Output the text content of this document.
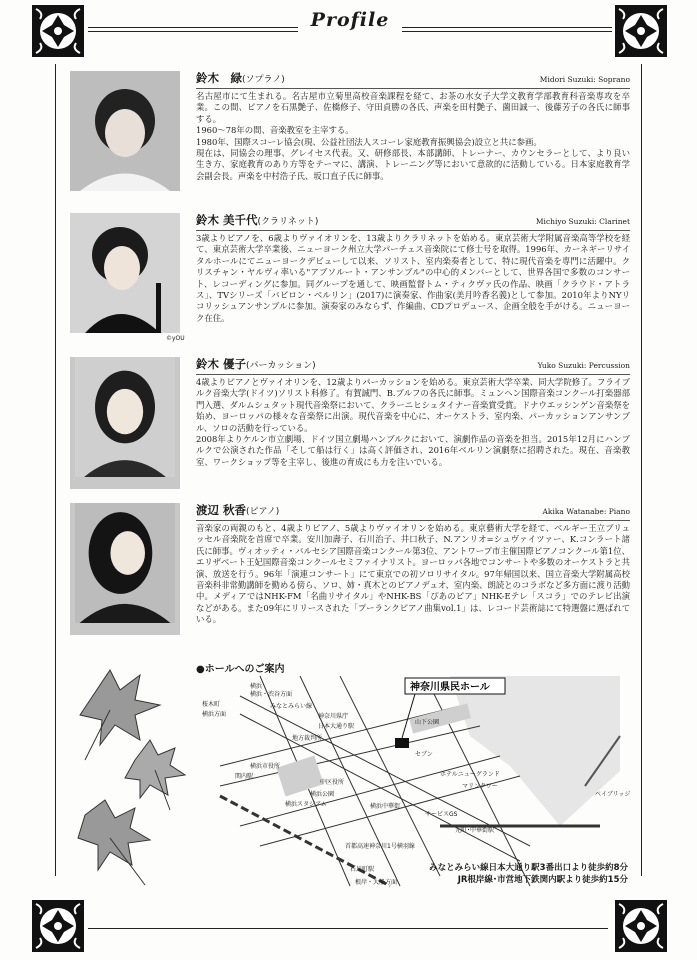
Profile
鈴木　緑(ソプラノ)	Midori Suzuki: Soprano

名古屋市にて生まれる。名古屋市立菊里高校音楽課程を経て、お茶の水女子大学文教育学部教育科音楽専攻を卒業。この間、ピアノを石黒艶子、佐橋修子、守田貞勝の各氏、声楽を田村艶子、薗田誠一、後藤芳子の各氏に師事する。

1960〜78年の間、音楽教室を主宰する。

1980年、国際スコーレ協会(現、公益社団法人スコーレ家庭教育振興協会)設立と共に参画。

現在は、同協会の理事、グレイセス代表。又、研修部長、本部講師、トレーナー、カウンセラーとして、より良い生き方、家庭教育のあり方等をテーマに、講演、トレーニング等において意欲的に活動している。日本家庭教育学会副会長。声楽を中村浩子氏、坂口直子氏に師事。

©yOU
鈴木 美千代(クラリネット)	Michiyo Suzuki: Clarinet

3歳よりピアノを、6歳よりヴァイオリンを、13歳よりクラリネットを始める。東京芸術大学附属音楽高等学校を経て、東京芸術大学卒業後、ニューヨーク州立大学パーチェス音楽院にて修士号を取得。1996年、カーネギーリサイタルホールにてニューヨークデビューして以来、ソリスト、室内楽奏者として、特に現代音楽を専門に活躍中。クリスチャン・ヤルヴィ率いる"アブソルート・アンサンブル"の中心的メンバーとして、世界各国で多数のコンサート、レコーディングに参加。同グループを通して、映画監督トム・ティクヴァ氏の作品、映画「クラウド・アトラス」、TVシリーズ「バビロン・ベルリン」(2017)に演奏家、作曲家(美月吟香名義)として参加。2010年よりNYリコリッシュアンサンブルに参加。演奏家のみならず、作編曲、CDプロデュース、企画全般を手がける。ニューヨーク在住。

鈴木 優子(パーカッション)	Yuko Suzuki: Percussion

4歳よりピアノとヴァイオリンを、12歳よりパーカッションを始める。東京芸術大学卒業、同大学院修了。フライブルク音楽大学(ドイツ)ソリスト科修了。有賀誠門、B.ブルフの各氏に師事。ミュンヘン国際音楽コンクール打楽器部門入選、ダルムシュタット現代音楽祭において、クラーニヒシュタイナー音楽賞受賞。ドナウエッシンゲン音楽祭を始め、ヨーロッパの様々な音楽祭に出演。現代音楽を中心に、オーケストラ、室内楽、パーカッションアンサンブル、ソロの活動を行っている。

2008年よりケルン市立劇場、ドイツ国立劇場ハンブルクにおいて、演劇作品の音楽を担当。2015年12月にハンブルクで公演された作品「そして船は行く」は高く評価され、2016年ベルリン演劇祭に招聘された。現在、音楽教室、ワークショップ等を主宰し、後進の育成にも力を注いでいる。

渡辺 秋香(ピアノ)	Akika Watanabe: Piano

音楽家の両親のもと、4歳よりピアノ、5歳よりヴァイオリンを始める。東京藝術大学を経て、ベルギー王立ブリュッセル音楽院を首席で卒業。安川加壽子、石川治子、井口秋子、N.アンリオ=シュヴァイツァー、K.コンラート諸氏に師事。ヴィオッティ・バルセシア国際音楽コンクール第3位、アントワープ市主催国際ピアノコンクール第1位、エリザベート王妃国際音楽コンクールセミファイナリスト。ヨーロッパ各地でコンサートや多数のオーケストラと共演、放送を行う。96年「演連コンサート」にて東京での初ソロリサイタル。97年帰国以来、国立音楽大学附属高校音楽科非常勤講師を勤める傍ら、ソロ、姉・真木とのピアノデュオ、室内楽、朗読とのコラボなど多方面に渡り活動中。メディアではNHK-FM「名曲リサイタル」やNHK-BS「ぴあのピア」NHK-Eテレ「スコラ」でのテレビ出演などがある。また09年にリリースされた「プーランクピアノ曲集vol.1」は、レコード芸術誌にて特選盤に選ばれている。

●ホールへのご案内
神奈川県民ホール
横浜
横浜・渋谷方面
桜木町
横浜方面
みなとみらい線
神奈川県庁
日本大通り駅
地方裁判所
山下公園
セブン
ホテルニューグランド
マリンタワー
横浜市役所
関内駅
横浜公園
横浜スタジアム
中区役所
横浜中華街
サービスGS
元町･中華街駅
ベイブリッジ
首都高速神奈川1号横羽線
石川町駅
根岸・大船方面
みなとみらい線日本大通り駅3番出口より徒歩約8分
JR根岸線･市営地下鉄関内駅より徒歩約15分
